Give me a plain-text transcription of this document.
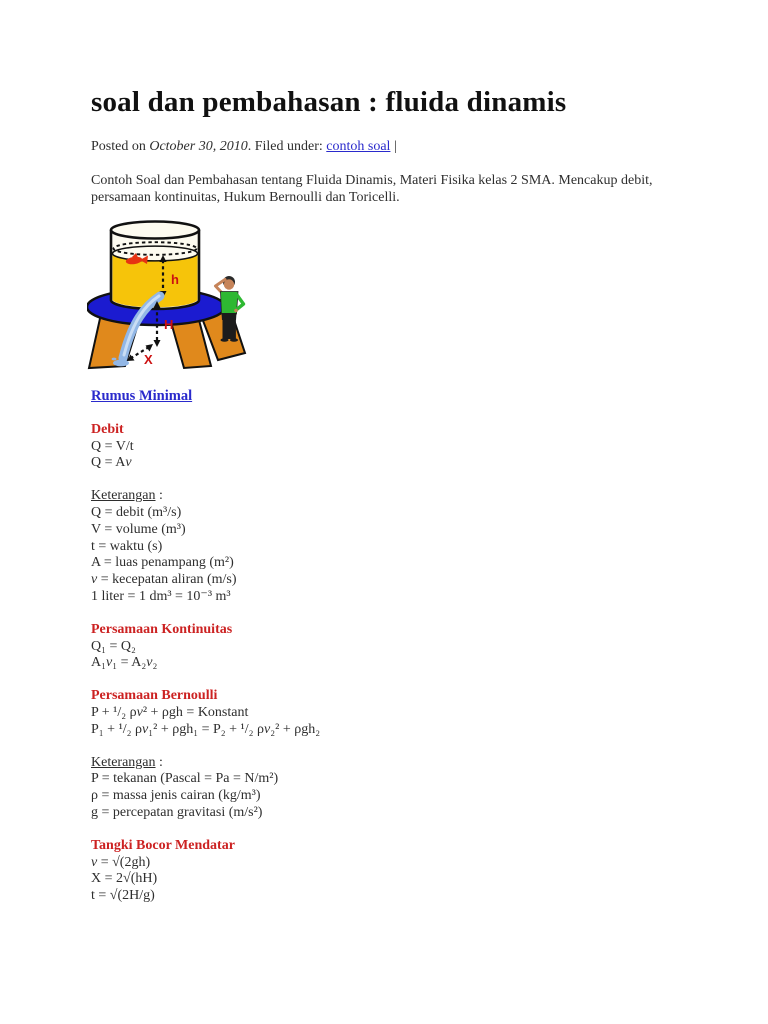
soal dan pembahasan : fluida dinamis
Posted on October 30, 2010. Filed under: contoh soal |

Contoh Soal dan Pembahasan tentang Fluida Dinamis, Materi Fisika kelas 2 SMA. Mencakup debit, persamaan kontinuitas, Hukum Bernoulli dan Toricelli.

h
H
X
Rumus Minimal
Debit
Q = V/t
Q = Av
Keterangan :
Q = debit (m³/s)
V = volume (m³)
t = waktu (s)
A = luas penampang (m²)
v = kecepatan aliran (m/s)
1 liter = 1 dm³ = 10⁻³ m³
Persamaan Kontinuitas
Q₁ = Q₂
A₁v₁ = A₂v₂
Persamaan Bernoulli
P + ¹/₂ ρv² + ρgh = Konstant
P₁ + ¹/₂ ρv₁² + ρgh₁ = P₂ + ¹/₂ ρv₂² + ρgh₂
Keterangan :
P = tekanan (Pascal = Pa = N/m²)
ρ = massa jenis cairan (kg/m³)
g = percepatan gravitasi (m/s²)
Tangki Bocor Mendatar
v = √(2gh)
X = 2√(hH)
t = √(2H/g)
